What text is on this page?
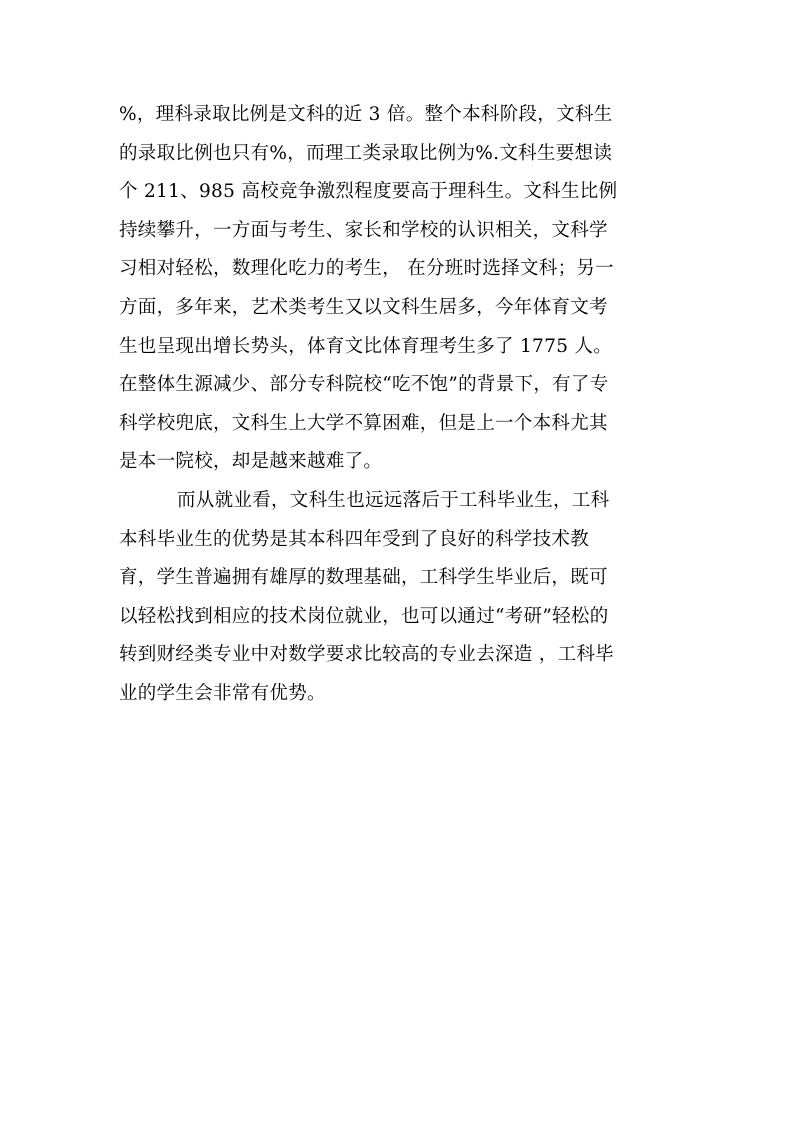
%，理科录取比例是文科的近 3 倍。整个本科阶段，文科生
的录取比例也只有%，而理工类录取比例为%.文科生要想读
个 211、985 高校竞争激烈程度要高于理科生。文科生比例
持续攀升，一方面与考生、家长和学校的认识相关，文科学
习相对轻松，数理化吃力的考生， 在分班时选择文科；另一
方面，多年来，艺术类考生又以文科生居多，今年体育文考
生也呈现出增长势头，体育文比体育理考生多了 1775 人。
在整体生源减少、部分专科院校“吃不饱”的背景下，有了专
科学校兜底，文科生上大学不算困难，但是上一个本科尤其
是本一院校，却是越来越难了。
而从就业看，文科生也远远落后于工科毕业生，工科
本科毕业生的优势是其本科四年受到了良好的科学技术教
育，学生普遍拥有雄厚的数理基础，工科学生毕业后，既可
以轻松找到相应的技术岗位就业，也可以通过“考研”轻松的
转到财经类专业中对数学要求比较高的专业去深造 ，工科毕
业的学生会非常有优势。
